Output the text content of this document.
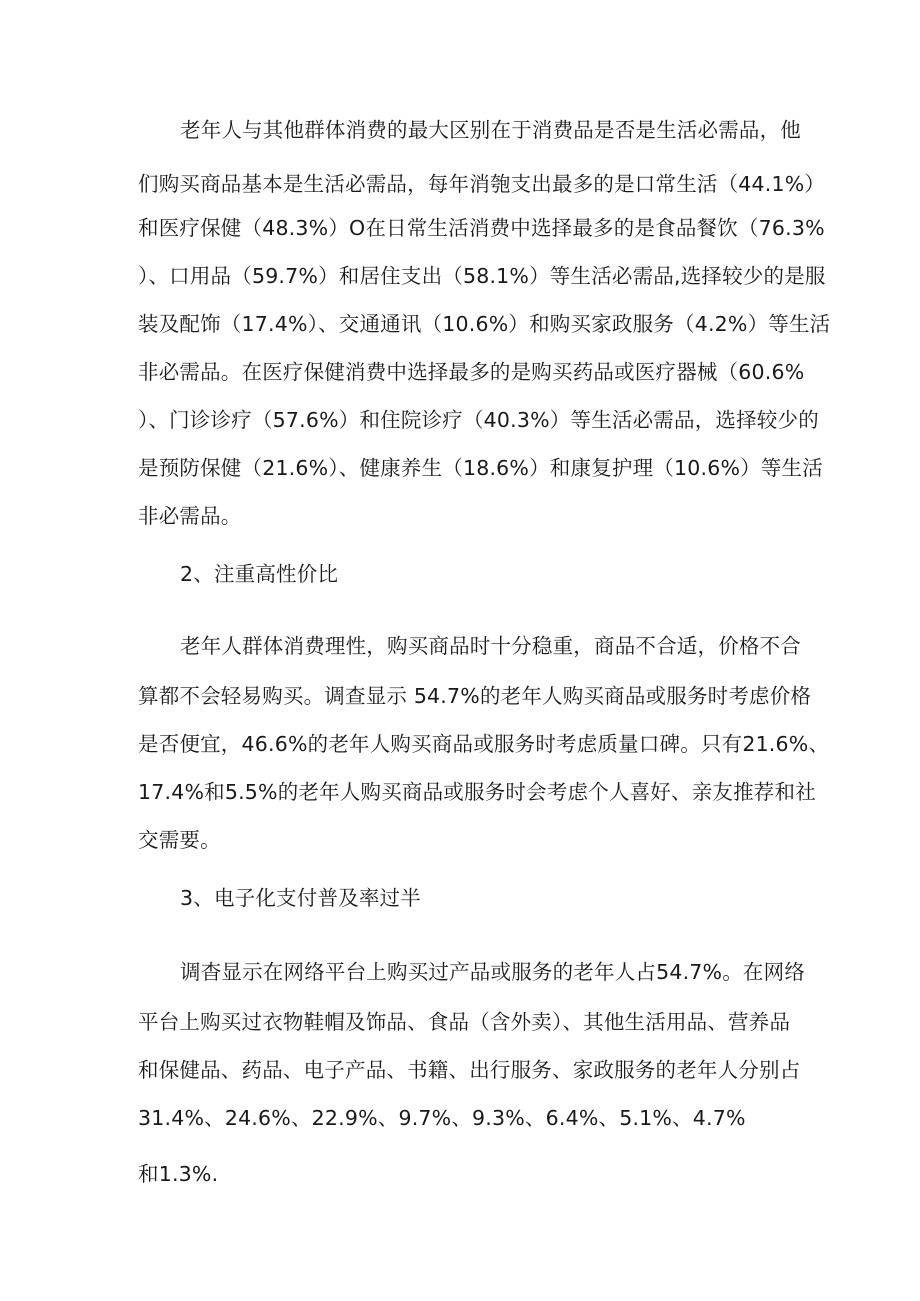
老年人与其他群体消费的最大区别在于消费品是否是生活必需品，他
们购买商品基本是生活必需品，每年消匏支出最多的是口常生活（44.1%）
和医疗保健（48.3%）O在日常生活消费中选择最多的是食品餐饮（76.3%
）、口用品（59.7%）和居住支出（58.1%）等生活必需品,选择较少的是服
装及配饰（17.4%）、交通通讯（10.6%）和购买家政服务（4.2%）等生活
非必需品。在医疗保健消费中选择最多的是购买药品或医疗器械（60.6%
）、门诊诊疗（57.6%）和住院诊疗（40.3%）等生活必需品，选择较少的
是预防保健（21.6%）、健康养生（18.6%）和康复护理（10.6%）等生活
非必需品。
2、注重高性价比
老年人群体消费理性，购买商品时十分稳重，商品不合适，价格不合
算都不会轻易购买。调查显示 54.7%的老年人购买商品或服务时考虑价格
是否便宜，46.6%的老年人购买商品或服务时考虑质量口碑。只有21.6%、
17.4%和5.5%的老年人购买商品或服务时会考虑个人喜好、亲友推荐和社
交需要。
3、电子化支付普及率过半
调杳显示在网络平台上购买过产品或服务的老年人占54.7%。在网络
平台上购买过衣物鞋帽及饰品、食品（含外卖）、其他生活用品、营养品
和保健品、药品、电子产品、书籍、出行服务、家政服务的老年人分别占
31.4%、24.6%、22.9%、9.7%、9.3%、6.4%、5.1%、4.7%
和1.3%.
